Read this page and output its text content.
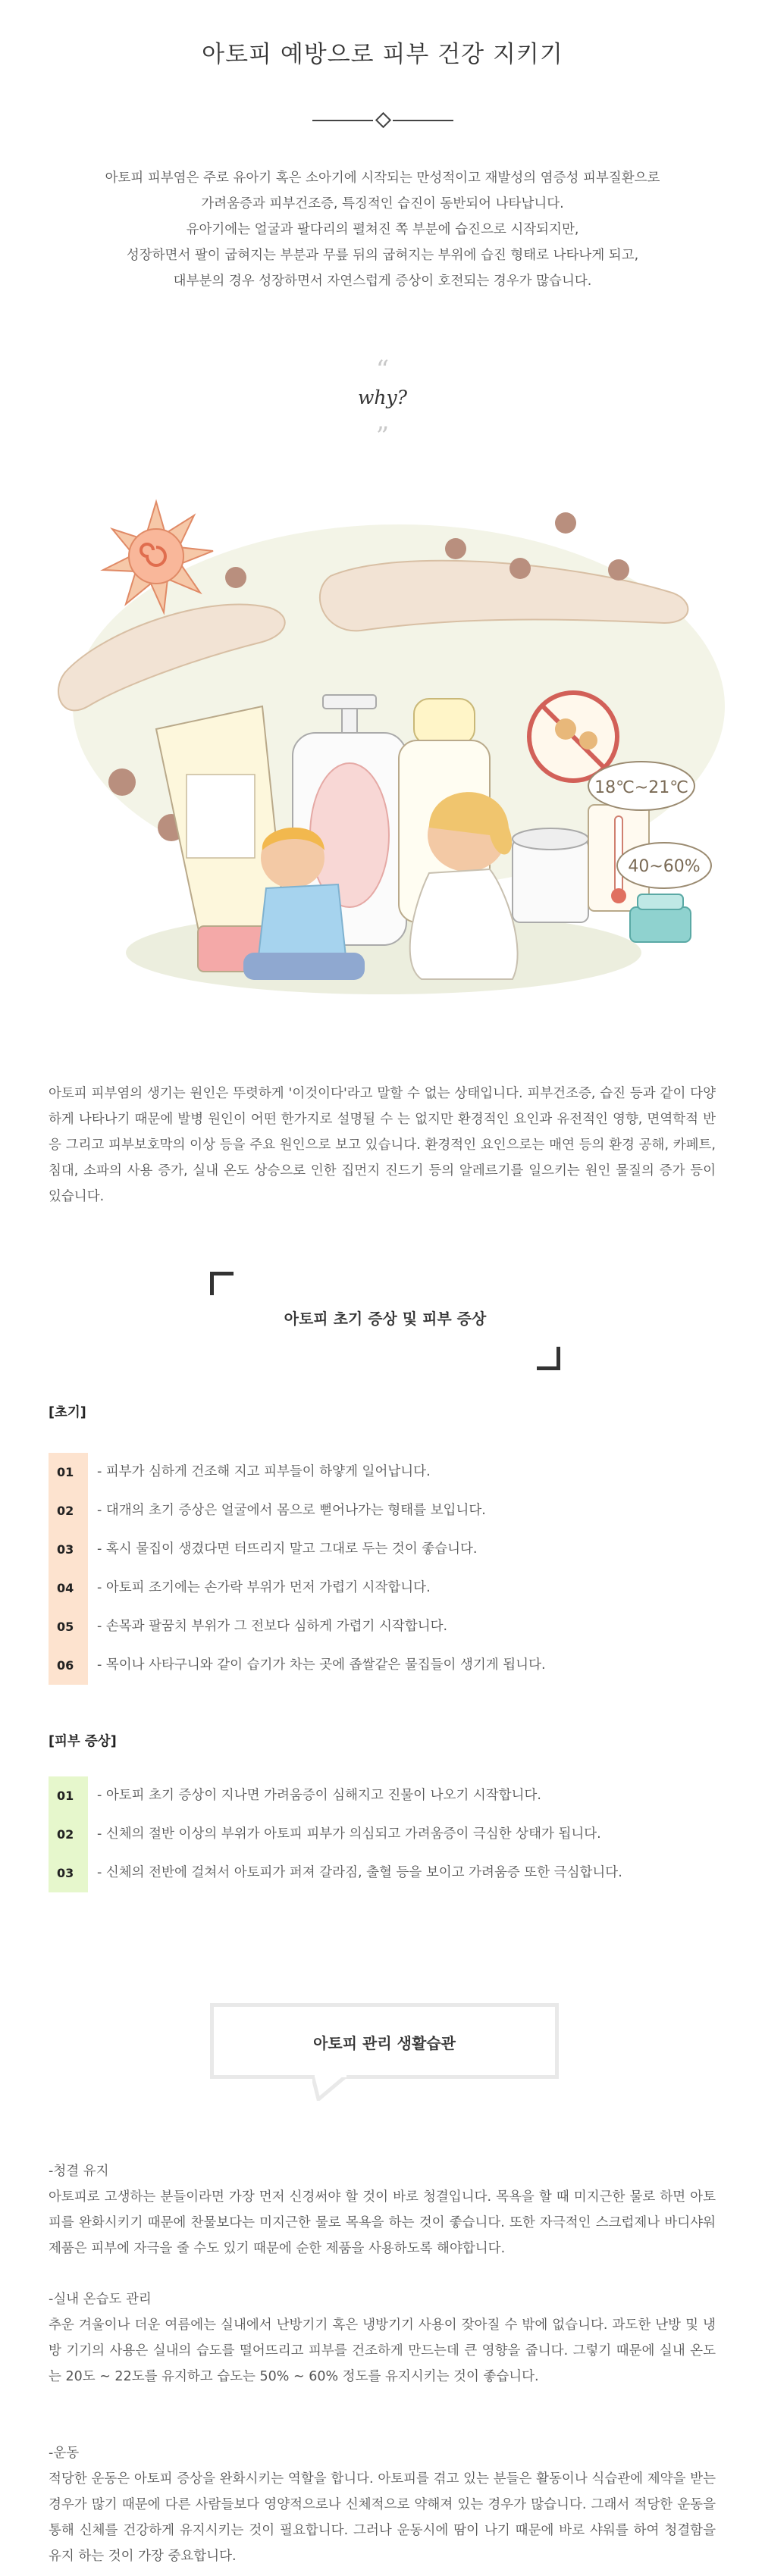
아토피 예방으로 피부 건강 지키기

아토피 피부염은 주로 유아기 혹은 소아기에 시작되는 만성적이고 재발성의 염증성 피부질환으로

가려움증과 피부건조증, 특징적인 습진이 동반되어 나타납니다.

유아기에는 얼굴과 팔다리의 펼쳐진 쪽 부분에 습진으로 시작되지만,

성장하면서 팔이 굽혀지는 부분과 무릎 뒤의 굽혀지는 부위에 습진 형태로 나타나게 되고,

대부분의 경우 성장하면서 자연스럽게 증상이 호전되는 경우가 많습니다.

“
why?
”
18℃~21℃
40~60%

아토피 피부염의 생기는 원인은 뚜렷하게 '이것이다'라고 말할 수 없는 상태입니다. 피부건조증, 습진 등과 같이 다양하게 나타나기 때문에 발병 원인이 어떤 한가지로 설명될 수 는 없지만 환경적인 요인과 유전적인 영향, 면역학적 반응 그리고 피부보호막의 이상 등을 주요 원인으로 보고 있습니다. 환경적인 요인으로는 매연 등의 환경 공해, 카페트, 침대, 소파의 사용 증가, 실내 온도 상승으로 인한 집먼지 진드기 등의 알레르기를 일으키는 원인 물질의 증가 등이 있습니다.

아토피 초기 증상 및 피부 증상
[초기]
01	- 피부가 심하게 건조해 지고 피부들이 하얗게 일어납니다.
02	- 대개의 초기 증상은 얼굴에서 몸으로 뻗어나가는 형태를 보입니다.
03	- 혹시 물집이 생겼다면 터뜨리지 말고 그대로 두는 것이 좋습니다.
04	- 아토피 조기에는 손가락 부위가 먼저 가렵기 시작합니다.
05	- 손목과 팔꿈치 부위가 그 전보다 심하게 가렵기 시작합니다.
06	- 목이나 사타구니와 같이 습기가 차는 곳에 좁쌀같은 물집들이 생기게 됩니다.
[피부 증상]
01	- 아토피 초기 증상이 지나면 가려움증이 심해지고 진물이 나오기 시작합니다.
02	- 신체의 절반 이상의 부위가 아토피 피부가 의심되고 가려움증이 극심한 상태가 됩니다.
03	- 신체의 전반에 걸쳐서 아토피가 퍼져 갈라짐, 출혈 등을 보이고 가려움증 또한 극심합니다.
아토피 관리 생활습관

-청결 유지

아토피로 고생하는 분들이라면 가장 먼저 신경써야 할 것이 바로 청결입니다. 목욕을 할 때 미지근한 물로 하면 아토피를 완화시키기 때문에 찬물보다는 미지근한 물로 목욕을 하는 것이 좋습니다. 또한 자극적인 스크럽제나 바디샤워 제품은 피부에 자극을 줄 수도 있기 때문에 순한 제품을 사용하도록 해야합니다.

-실내 온습도 관리

추운 겨울이나 더운 여름에는 실내에서 난방기기 혹은 냉방기기 사용이 잦아질 수 밖에 없습니다. 과도한 난방 및 냉방 기기의 사용은 실내의 습도를 떨어뜨리고 피부를 건조하게 만드는데 큰 영향을 줍니다. 그렇기 때문에 실내 온도는 20도 ~ 22도를 유지하고 습도는 50% ~ 60% 정도를 유지시키는 것이 좋습니다.

-운동

적당한 운동은 아토피 증상을 완화시키는 역할을 합니다. 아토피를 겪고 있는 분들은 활동이나 식습관에 제약을 받는 경우가 많기 때문에 다른 사람들보다 영양적으로나 신체적으로 약해져 있는 경우가 많습니다. 그래서 적당한 운동을 통해 신체를 건강하게 유지시키는 것이 필요합니다. 그러나 운동시에 땀이 나기 때문에 바로 샤워를 하여 청결함을 유지 하는 것이 가장 중요합니다.
